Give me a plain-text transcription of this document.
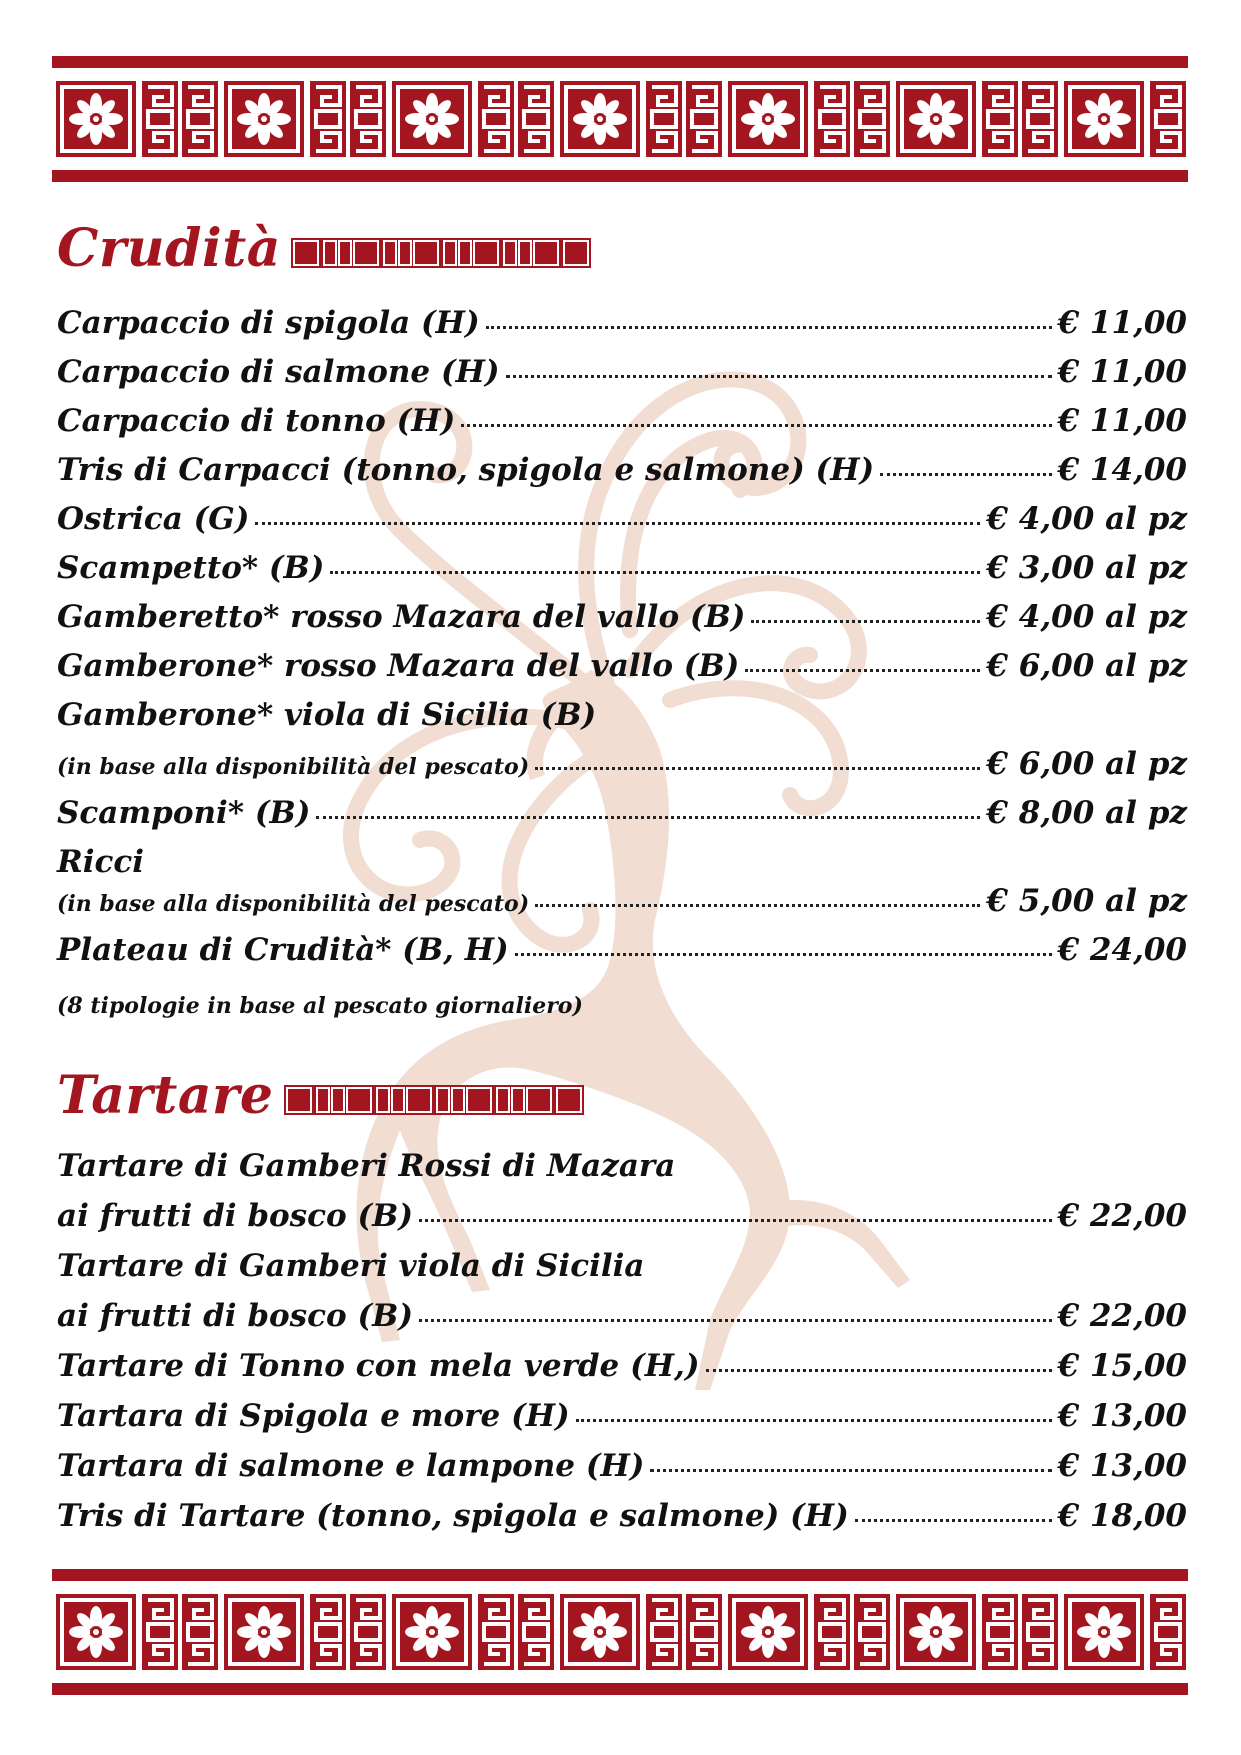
Crudità
Carpaccio di spigola (H)	€ 11,00
Carpaccio di salmone (H)	€ 11,00
Carpaccio di tonno (H)	€ 11,00
Tris di Carpacci (tonno, spigola e salmone) (H)	€ 14,00
Ostrica (G)	€ 4,00 al pz
Scampetto* (B)	€ 3,00 al pz
Gamberetto* rosso Mazara del vallo (B)	€ 4,00 al pz
Gamberone* rosso Mazara del vallo (B)	€ 6,00 al pz
Gamberone* viola di Sicilia (B)
(in base alla disponibilità del pescato)	€ 6,00 al pz
Scamponi* (B)	€ 8,00 al pz
Ricci
(in base alla disponibilità del pescato)	€ 5,00 al pz
Plateau di Crudità* (B, H)	€ 24,00
(8 tipologie in base al pescato giornaliero)
Tartare
Tartare di Gamberi Rossi di Mazara
ai frutti di bosco (B)	€ 22,00
Tartare di Gamberi viola di Sicilia
ai frutti di bosco (B)	€ 22,00
Tartare di Tonno con mela verde (H,)	€ 15,00
Tartara di Spigola e more (H)	€ 13,00
Tartara di salmone e lampone (H)	€ 13,00
Tris di Tartare (tonno, spigola e salmone) (H)	€ 18,00
